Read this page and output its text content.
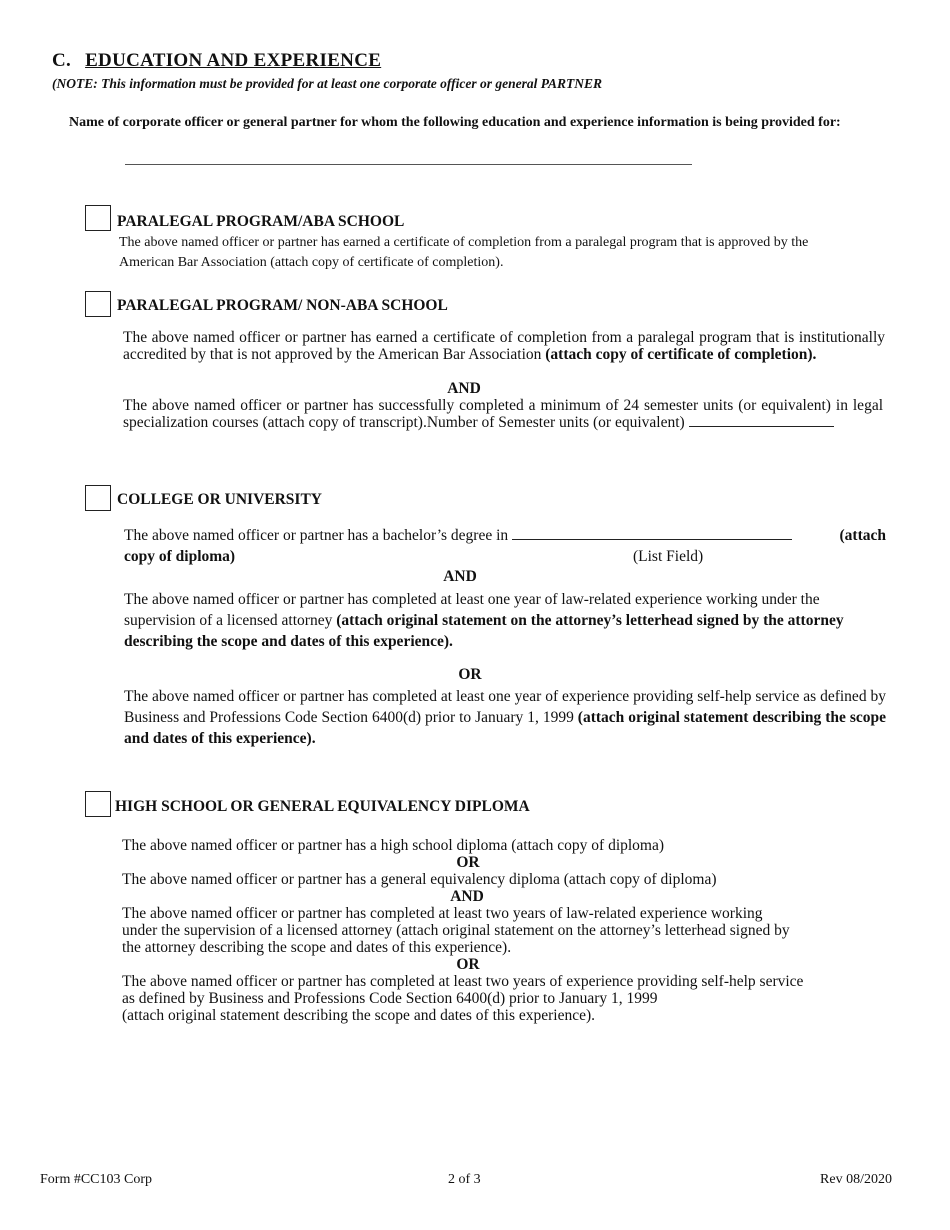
C. EDUCATION AND EXPERIENCE
(NOTE: This information must be provided for at least one corporate officer or general PARTNER
Name of corporate officer or general partner for whom the following education and experience information is being provided for:
PARALEGAL PROGRAM/ABA SCHOOL
The above named officer or partner has earned a certificate of completion from a paralegal program that is approved by the American Bar Association (attach copy of certificate of completion).
PARALEGAL PROGRAM/ NON-ABA SCHOOL
The above named officer or partner has earned a certificate of completion from a paralegal program that is institutionally accredited by that is not approved by the American Bar Association (attach copy of certificate of completion).
AND
The above named officer or partner has successfully completed a minimum of 24 semester units (or equivalent) in legal specialization courses (attach copy of transcript).Number of Semester units (or equivalent)
COLLEGE OR UNIVERSITY
The above named officer or partner has a bachelor’s degree in	(attach
copy of diploma)	(List Field)
AND
The above named officer or partner has completed at least one year of law-related experience working under the supervision of a licensed attorney (attach original statement on the attorney’s letterhead signed by the attorney describing the scope and dates of this experience).
OR
The above named officer or partner has completed at least one year of experience providing self-help service as defined by Business and Professions Code Section 6400(d) prior to January 1, 1999 (attach original statement describing the scope and dates of this experience).
HIGH SCHOOL OR GENERAL EQUIVALENCY DIPLOMA
The above named officer or partner has a high school diploma (attach copy of diploma)
OR
The above named officer or partner has a general equivalency diploma (attach copy of diploma)
AND
The above named officer or partner has completed at least two years of law-related experience working
under the supervision of a licensed attorney (attach original statement on the attorney’s letterhead signed by
the attorney describing the scope and dates of this experience).
OR
The above named officer or partner has completed at least two years of experience providing self-help service
as defined by Business and Professions Code Section 6400(d) prior to January 1, 1999
(attach original statement describing the scope and dates of this experience).
Form #CC103 Corp	2 of 3	Rev 08/2020
